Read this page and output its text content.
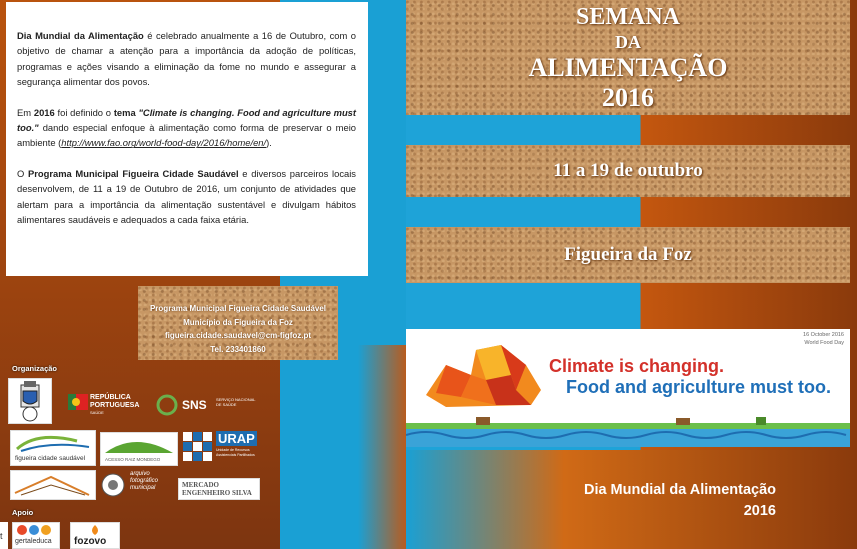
Dia Mundial da Alimentação é celebrado anualmente a 16 de Outubro, com o objetivo de chamar a atenção para a importância da adoção de políticas, programas e ações visando a eliminação da fome no mundo e assegurar a segurança alimentar dos povos.

Em 2016 foi definido o tema "Climate is changing. Food and agriculture must too." dando especial enfoque à alimentação como forma de preservar o meio ambiente (http://www.fao.org/world-food-day/2016/home/en/).

O Programa Municipal Figueira Cidade Saudável e diversos parceiros locais desenvolvem, de 11 a 19 de Outubro de 2016, um conjunto de atividades que alertam para a importância da alimentação sustentável e divulgam hábitos alimentares saudáveis e adequados a cada faixa etária.

Programa Municipal Figueira Cidade Saudável
Município da Figueira da Foz
figueira.cidade.saudavel@cm-figfoz.pt
Tel. 233401860
Organização
REPÚBLICA PORTUGUESA
SAÚDE
SNS SERVIÇO NACIONAL DE SAÚDE
figueira cidade saudável	ACESSO RAIZ MONDEGO
URAP
Unidade de Recursos Assistenciais Partilhados
arquivo fotográfico municipal	MERCADO ENGENHEIRO SILVA
Apoio
t
gertaleduca fozovo
SEMANA
DA
ALIMENTAÇÃO
2016
11 a 19 de outubro
Figueira da Foz
16 October 2016
World Food Day
Climate is changing.
Food and agriculture must too.
Dia Mundial da Alimentação
2016
